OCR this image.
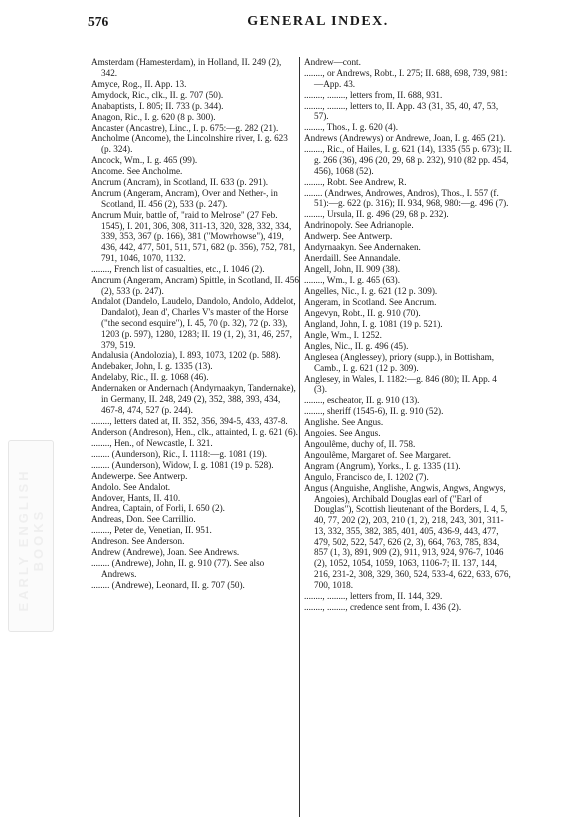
576	GENERAL INDEX.
EARLY ENGLISH BOOKS

Amsterdam (Hamesterdam), in Holland, II. 249 (2), 342.

Amyce, Rog., II. App. 13.

Amydock, Ric., clk., II. g. 707 (50).

Anabaptists, I. 805; II. 733 (p. 344).

Anagon, Ric., I. g. 620 (8 p. 300).

Ancaster (Ancastre), Linc., I. p. 675:—g. 282 (21).

Ancholme (Ancome), the Lincolnshire river, I. g. 623 (p. 324).

Ancock, Wm., I. g. 465 (99).

Ancome. See Ancholme.

Ancrum (Ancram), in Scotland, II. 633 (p. 291).

Ancrum (Angeram, Ancram), Over and Nether-, in Scotland, II. 456 (2), 533 (p. 247).

Ancrum Muir, battle of, "raid to Melrose" (27 Feb. 1545), I. 201, 306, 308, 311-13, 320, 328, 332, 334, 339, 353, 367 (p. 166), 381 ("Mowrhowse"), 419, 436, 442, 477, 501, 511, 571, 682 (p. 356), 752, 781, 791, 1046, 1070, 1132.

........, French list of casualties, etc., I. 1046 (2).

Ancrum (Angeram, Ancram) Spittle, in Scotland, II. 456 (2), 533 (p. 247).

Andalot (Dandelo, Laudelo, Dandolo, Andolo, Addelot, Dandalot), Jean d', Charles V's master of the Horse ("the second esquire"), I. 45, 70 (p. 32), 72 (p. 33), 1203 (p. 597), 1280, 1283; II. 19 (1, 2), 31, 46, 257, 379, 519.

Andalusia (Andolozia), I. 893, 1073, 1202 (p. 588).

Andebaker, John, I. g. 1335 (13).

Andelaby, Ric., II. g. 1068 (46).

Andernaken or Andernach (Andyrnaakyn, Tandernake), in Germany, II. 248, 249 (2), 352, 388, 393, 434, 467-8, 474, 527 (p. 244).

........, letters dated at, II. 352, 356, 394-5, 433, 437-8.

Anderson (Andreson), Hen., clk., attainted, I. g. 621 (6).

........, Hen., of Newcastle, I. 321.

........ (Aunderson), Ric., I. 1118:—g. 1081 (19).

........ (Aunderson), Widow, I. g. 1081 (19 p. 528).

Andewerpe. See Antwerp.

Andolo. See Andalot.

Andover, Hants, II. 410.

Andrea, Captain, of Forli, I. 650 (2).

Andreas, Don. See Carrillio.

........, Peter de, Venetian, II. 951.

Andreson. See Anderson.

Andrew (Andrewe), Joan. See Andrews.

........ (Andrewe), John, II. g. 910 (77). See also Andrews.

........ (Andrewe), Leonard, II. g. 707 (50).

Andrew—cont.

........, or Andrews, Robt., I. 275; II. 688, 698, 739, 981:—App. 43.

........, ........, letters from, II. 688, 931.

........, ........, letters to, II. App. 43 (31, 35, 40, 47, 53, 57).

........, Thos., I. g. 620 (4).

Andrews (Andrewys) or Andrewe, Joan, I. g. 465 (21).

........, Ric., of Hailes, I. g. 621 (14), 1335 (55 p. 673); II. g. 266 (36), 496 (20, 29, 68 p. 232), 910 (82 pp. 454, 456), 1068 (52).

........, Robt. See Andrew, R.

........ (Andrwes, Androwes, Andros), Thos., I. 557 (f. 51):—g. 622 (p. 316); II. 934, 968, 980:—g. 496 (7).

........, Ursula, II. g. 496 (29, 68 p. 232).

Andrinopoly. See Adrianople.

Andwerp. See Antwerp.

Andyrnaakyn. See Andernaken.

Anerdaill. See Annandale.

Angell, John, II. 909 (38).

........, Wm., I. g. 465 (63).

Angelles, Nic., I. g. 621 (12 p. 309).

Angeram, in Scotland. See Ancrum.

Angevyn, Robt., II. g. 910 (70).

Angland, John, I. g. 1081 (19 p. 521).

Angle, Wm., I. 1252.

Angles, Nic., II. g. 496 (45).

Anglesea (Anglessey), priory (supp.), in Bottisham, Camb., I. g. 621 (12 p. 309).

Anglesey, in Wales, I. 1182:—g. 846 (80); II. App. 4 (3).

........, escheator, II. g. 910 (13).

........, sheriff (1545-6), II. g. 910 (52).

Anglishe. See Angus.

Angoies. See Angus.

Angoulême, duchy of, II. 758.

Angoulême, Margaret of. See Margaret.

Angram (Angrum), Yorks., I. g. 1335 (11).

Angulo, Francisco de, I. 1202 (7).

Angus (Anguishe, Anglishe, Angwis, Angws, Angwys, Angoies), Archibald Douglas earl of ("Earl of Douglas"), Scottish lieutenant of the Borders, I. 4, 5, 40, 77, 202 (2), 203, 210 (1, 2), 218, 243, 301, 311-13, 332, 355, 382, 385, 401, 405, 436-9, 443, 477, 479, 502, 522, 547, 626 (2, 3), 664, 763, 785, 834, 857 (1, 3), 891, 909 (2), 911, 913, 924, 976-7, 1046 (2), 1052, 1054, 1059, 1063, 1106-7; II. 137, 144, 216, 231-2, 308, 329, 360, 524, 533-4, 622, 633, 676, 700, 1018.

........, ........, letters from, II. 144, 329.

........, ........, credence sent from, I. 436 (2).
